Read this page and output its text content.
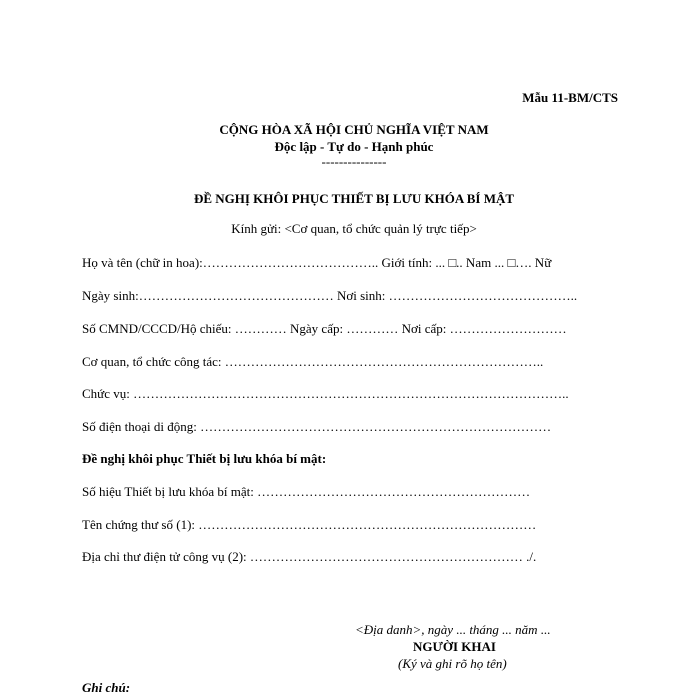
Mẫu 11-BM/CTS
CỘNG HÒA XÃ HỘI CHỦ NGHĨA VIỆT NAM
Độc lập - Tự do - Hạnh phúc
---------------
ĐỀ NGHỊ KHÔI PHỤC THIẾT BỊ LƯU KHÓA BÍ MẬT
Kính gửi: <Cơ quan, tổ chức quản lý trực tiếp>
Họ và tên (chữ in hoa):………………………………….. Giới tính: ... □.. Nam ... □…. Nữ
Ngày sinh:……………………………………… Nơi sinh: ……………………………………..
Số CMND/CCCD/Hộ chiếu: ………… Ngày cấp: ………… Nơi cấp: ………………………
Cơ quan, tổ chức công tác: ………………………………………………………………..
Chức vụ: ………………………………………………………………………………………..
Số điện thoại di động: ………………………………………………………………………
Đề nghị khôi phục Thiết bị lưu khóa bí mật:
Số hiệu Thiết bị lưu khóa bí mật: ………………………………………………………
Tên chứng thư số (1): ……………………………………………………………………
Địa chỉ thư điện tử công vụ (2): ……………………………………………………… ./.
<Địa danh>, ngày ... tháng ... năm ...
NGƯỜI KHAI
(Ký và ghi rõ họ tên)
Ghi chú:
